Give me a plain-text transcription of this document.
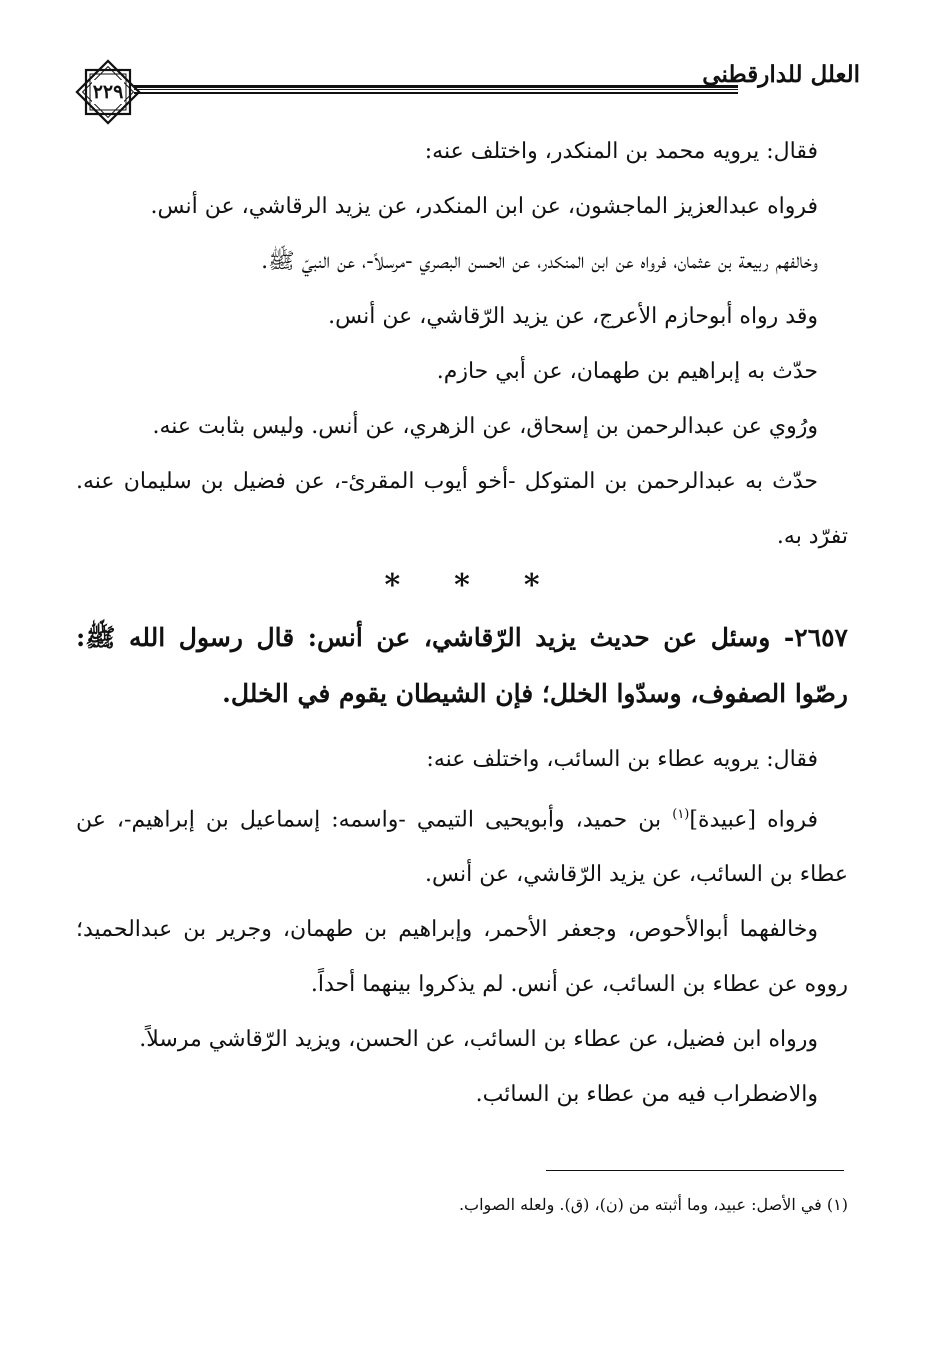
العلل للدارقطني
٢٢٩

فقال: يرويه محمد بن المنكدر، واختلف عنه:

فرواه عبدالعزيز الماجشون، عن ابن المنكدر، عن يزيد الرقاشي، عن أنس.

وخالفهم ربيعة بن عثمان، فرواه عن ابن المنكدر، عن الحسن البصري -مرسلاً-، عن النبيّ ﷺ.

وقد رواه أبوحازم الأعرج، عن يزيد الرّقاشي، عن أنس.

حدّث به إبراهيم بن طهمان، عن أبي حازم.

ورُوي عن عبدالرحمن بن إسحاق، عن الزهري، عن أنس. وليس بثابت عنه.

حدّث به عبدالرحمن بن المتوكل -أخو أيوب المقرئ-، عن فضيل بن سليمان عنه. تفرّد به.

* * *

٢٦٥٧- وسئل عن حديث يزيد الرّقاشي، عن أنس: قال رسول الله ﷺ: رصّوا الصفوف، وسدّوا الخلل؛ فإن الشيطان يقوم في الخلل.

فقال: يرويه عطاء بن السائب، واختلف عنه:

فرواه [عبيدة]$^{(١)}$ بن حميد، وأبويحيى التيمي -واسمه: إسماعيل بن إبراهيم-، عن عطاء بن السائب، عن يزيد الرّقاشي، عن أنس.

وخالفهما أبوالأحوص، وجعفر الأحمر، وإبراهيم بن طهمان، وجرير بن عبدالحميد؛ رووه عن عطاء بن السائب، عن أنس. لم يذكروا بينهما أحداً.

ورواه ابن فضيل، عن عطاء بن السائب، عن الحسن، ويزيد الرّقاشي مرسلاً.

والاضطراب فيه من عطاء بن السائب.

(١) في الأصل: عبيد، وما أثبته من (ن)، (ق). ولعله الصواب.
